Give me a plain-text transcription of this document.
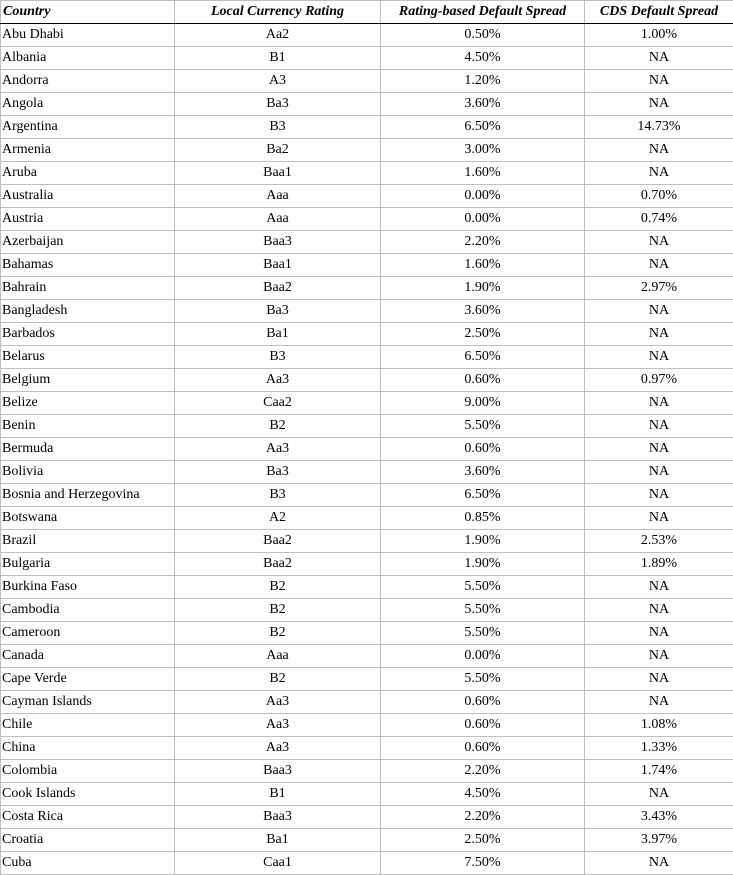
Country	Local Currency Rating	Rating-based Default Spread	CDS Default Spread
Abu Dhabi	Aa2	0.50%	1.00%
Albania	B1	4.50%	NA
Andorra	A3	1.20%	NA
Angola	Ba3	3.60%	NA
Argentina	B3	6.50%	14.73%
Armenia	Ba2	3.00%	NA
Aruba	Baa1	1.60%	NA
Australia	Aaa	0.00%	0.70%
Austria	Aaa	0.00%	0.74%
Azerbaijan	Baa3	2.20%	NA
Bahamas	Baa1	1.60%	NA
Bahrain	Baa2	1.90%	2.97%
Bangladesh	Ba3	3.60%	NA
Barbados	Ba1	2.50%	NA
Belarus	B3	6.50%	NA
Belgium	Aa3	0.60%	0.97%
Belize	Caa2	9.00%	NA
Benin	B2	5.50%	NA
Bermuda	Aa3	0.60%	NA
Bolivia	Ba3	3.60%	NA
Bosnia and Herzegovina	B3	6.50%	NA
Botswana	A2	0.85%	NA
Brazil	Baa2	1.90%	2.53%
Bulgaria	Baa2	1.90%	1.89%
Burkina Faso	B2	5.50%	NA
Cambodia	B2	5.50%	NA
Cameroon	B2	5.50%	NA
Canada	Aaa	0.00%	NA
Cape Verde	B2	5.50%	NA
Cayman Islands	Aa3	0.60%	NA
Chile	Aa3	0.60%	1.08%
China	Aa3	0.60%	1.33%
Colombia	Baa3	2.20%	1.74%
Cook Islands	B1	4.50%	NA
Costa Rica	Baa3	2.20%	3.43%
Croatia	Ba1	2.50%	3.97%
Cuba	Caa1	7.50%	NA
